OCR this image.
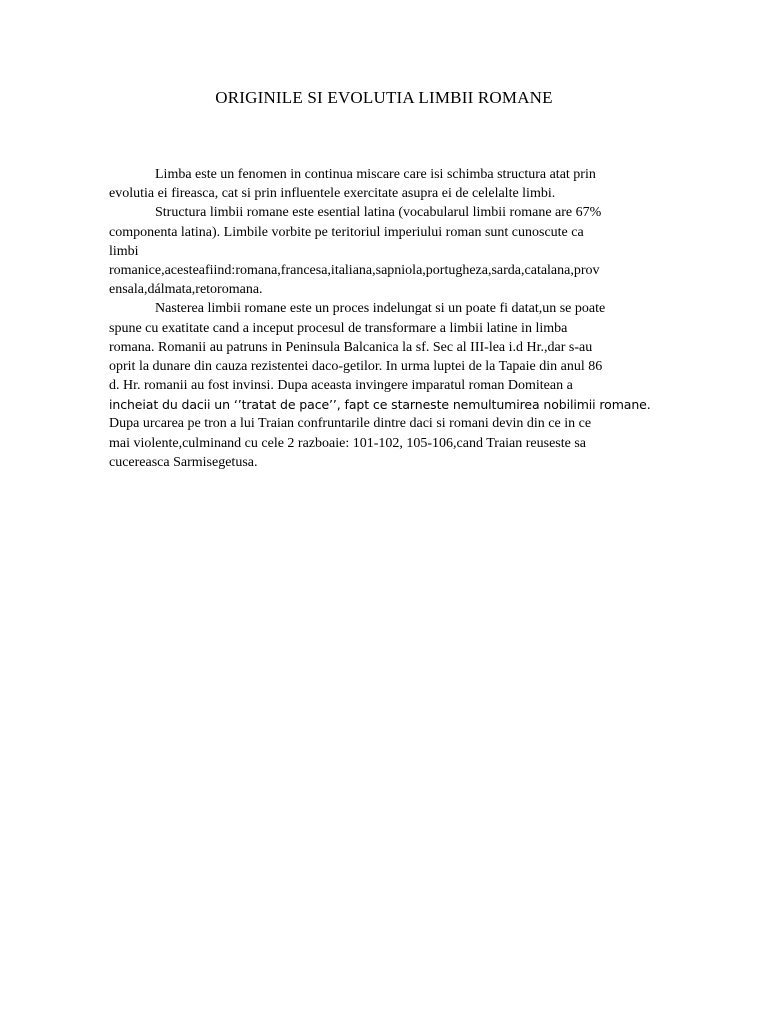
ORIGINILE SI EVOLUTIA LIMBII ROMANE
Limba este un fenomen in continua miscare care isi schimba structura atat prin
evolutia ei fireasca, cat si prin influentele exercitate asupra ei de celelalte limbi.
Structura limbii romane este esential latina (vocabularul limbii romane are 67%
componenta latina). Limbile vorbite pe teritoriul imperiului roman sunt cunoscute ca
limbi
romanice,acesteafiind:romana,francesa,italiana,sapniola,portugheza,sarda,catalana,prov
ensala,dálmata,retoromana.
Nasterea limbii romane este un proces indelungat si un poate fi datat,un se poate
spune cu exatitate cand a inceput procesul de transformare a limbii latine in limba
romana. Romanii au patruns in Peninsula Balcanica la sf. Sec al III-lea i.d Hr.,dar s-au
oprit la dunare din cauza rezistentei daco-getilor. In urma luptei de la Tapaie din anul 86
d. Hr. romanii au fost invinsi. Dupa aceasta invingere imparatul roman Domitean a
incheiat du dacii un ‘’tratat de pace’’, fapt ce starneste nemultumirea nobilimii romane.
Dupa urcarea pe tron a lui Traian confruntarile dintre daci si romani devin din ce in ce
mai violente,culminand cu cele 2 razboaie: 101-102, 105-106,cand Traian reuseste sa
cucereasca Sarmisegetusa.
